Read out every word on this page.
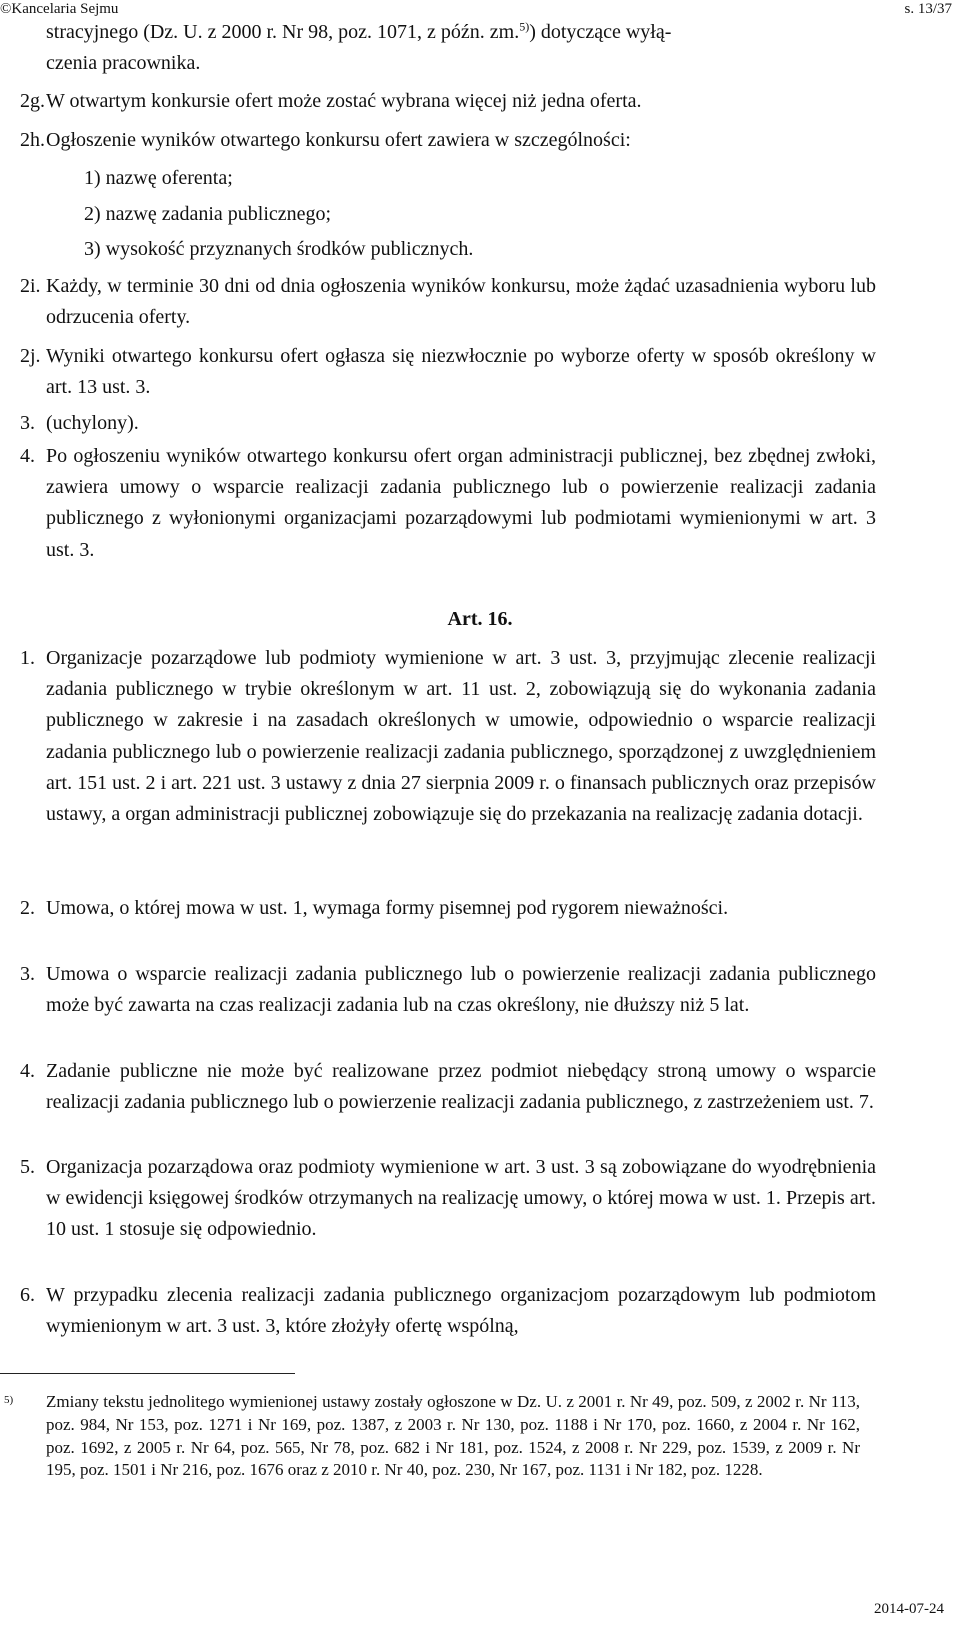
©Kancelaria Sejmu	s. 13/37

stracyjnego (Dz. U. z 2000 r. Nr 98, poz. 1071, z późn. zm.$^{5)}$) dotyczące wyłą-

czenia pracownika.

2g. W otwartym konkursie ofert może zostać wybrana więcej niż jedna oferta.
2h. Ogłoszenie wyników otwartego konkursu ofert zawiera w szczególności:

1) nazwę oferenta;

2) nazwę zadania publicznego;

3) wysokość przyznanych środków publicznych.

2i. Każdy, w terminie 30 dni od dnia ogłoszenia wyników konkursu, może żądać uzasadnienia wyboru lub odrzucenia oferty.
2j. Wyniki otwartego konkursu ofert ogłasza się niezwłocznie po wyborze oferty w sposób określony w art. 13 ust. 3.
3. (uchylony).
4. Po ogłoszeniu wyników otwartego konkursu ofert organ administracji publicznej, bez zbędnej zwłoki, zawiera umowy o wsparcie realizacji zadania publicznego lub o powierzenie realizacji zadania publicznego z wyłonionymi organizacjami pozarządowymi lub podmiotami wymienionymi w art. 3 ust. 3.
Art. 16.
1. Organizacje pozarządowe lub podmioty wymienione w art. 3 ust. 3, przyjmując zlecenie realizacji zadania publicznego w trybie określonym w art. 11 ust. 2, zobowiązują się do wykonania zadania publicznego w zakresie i na zasadach określonych w umowie, odpowiednio o wsparcie realizacji zadania publicznego lub o powierzenie realizacji zadania publicznego, sporządzonej z uwzględnieniem art. 151 ust. 2 i art. 221 ust. 3 ustawy z dnia 27 sierpnia 2009 r. o finansach publicznych oraz przepisów ustawy, a organ administracji publicznej zobowiązuje się do przekazania na realizację zadania dotacji.
2. Umowa, o której mowa w ust. 1, wymaga formy pisemnej pod rygorem nieważności.
3. Umowa o wsparcie realizacji zadania publicznego lub o powierzenie realizacji zadania publicznego może być zawarta na czas realizacji zadania lub na czas określony, nie dłuższy niż 5 lat.
4. Zadanie publiczne nie może być realizowane przez podmiot niebędący stroną umowy o wsparcie realizacji zadania publicznego lub o powierzenie realizacji zadania publicznego, z zastrzeżeniem ust. 7.
5. Organizacja pozarządowa oraz podmioty wymienione w art. 3 ust. 3 są zobowiązane do wyodrębnienia w ewidencji księgowej środków otrzymanych na realizację umowy, o której mowa w ust. 1. Przepis art. 10 ust. 1 stosuje się odpowiednio.
6. W przypadku zlecenia realizacji zadania publicznego organizacjom pozarządowym lub podmiotom wymienionym w art. 3 ust. 3, które złożyły ofertę wspólną,
5) Zmiany tekstu jednolitego wymienionej ustawy zostały ogłoszone w Dz. U. z 2001 r. Nr 49, poz. 509, z 2002 r. Nr 113, poz. 984, Nr 153, poz. 1271 i Nr 169, poz. 1387, z 2003 r. Nr 130, poz. 1188 i Nr 170, poz. 1660, z 2004 r. Nr 162, poz. 1692, z 2005 r. Nr 64, poz. 565, Nr 78, poz. 682 i Nr 181, poz. 1524, z 2008 r. Nr 229, poz. 1539, z 2009 r. Nr 195, poz. 1501 i Nr 216, poz. 1676 oraz z 2010 r. Nr 40, poz. 230, Nr 167, poz. 1131 i Nr 182, poz. 1228.
2014-07-24
